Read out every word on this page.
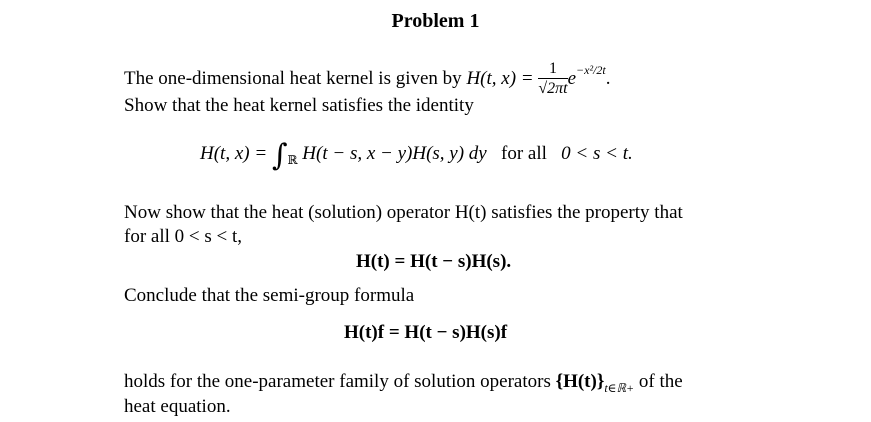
Problem 1
The one-dimensional heat kernel is given by H(t, $x) = \frac{1}{√2\pi t} e^{-x^2/2t}$.
Show that the heat kernel satisfies the identity
H(t, $x) = \int_ℝ$ H(t − s, x − y)H(s, y) dy for all 0 < s < t.
Now show that the heat (solution) operator H(t) satisfies the property that
for all 0 < s < t,
H(t) = H(t − s)H(s).
Conclude that the semi-group formula
H(t)f = H(t − s)H(s)f
holds for the one-parameter family of solution operators $\{H(t)\}_{t\in ℝ+}$ of the
heat equation.
